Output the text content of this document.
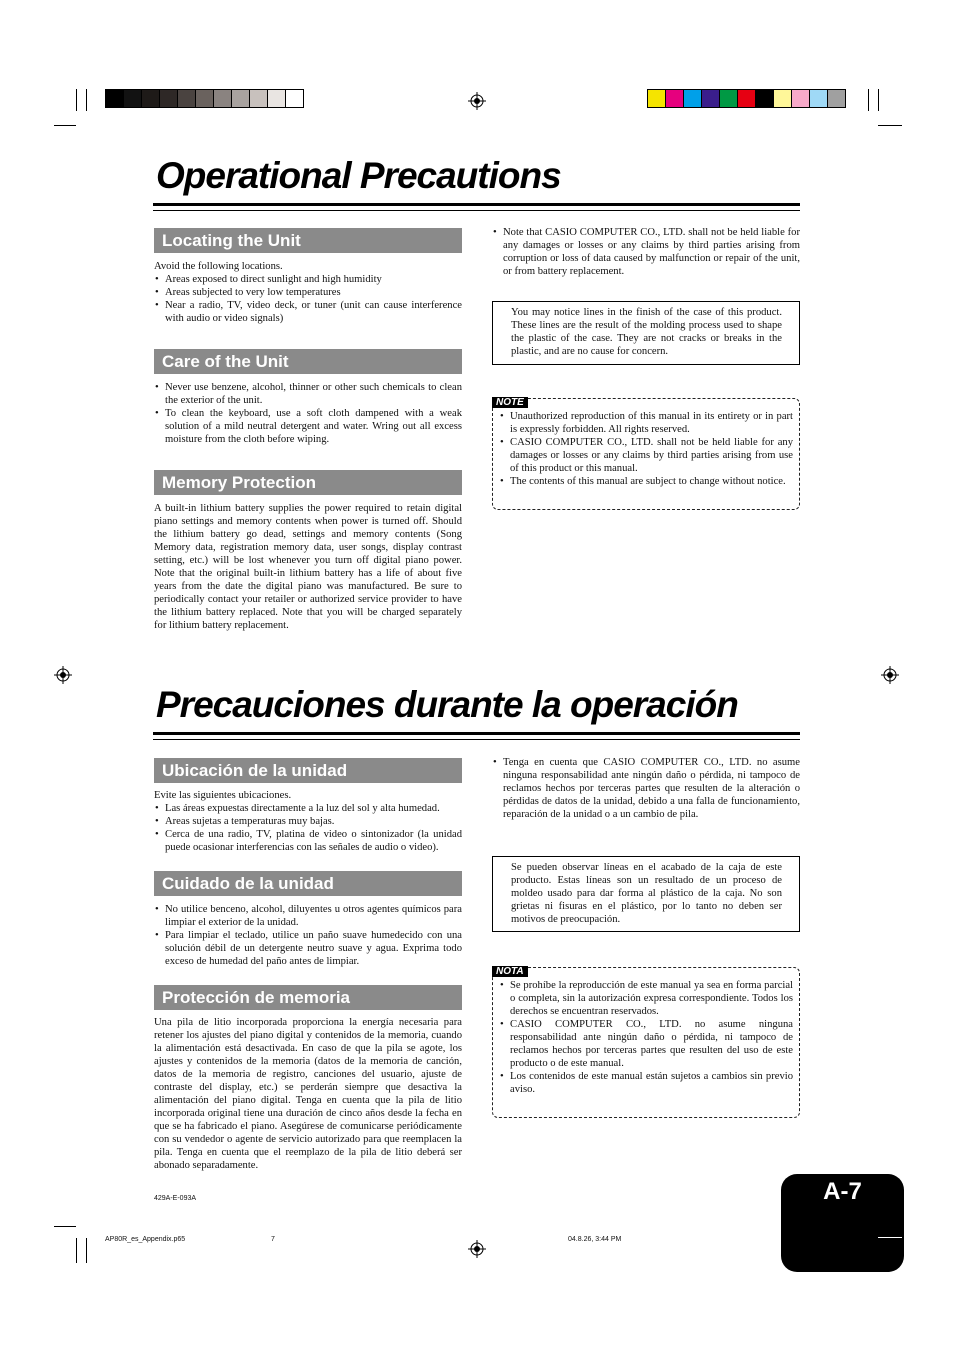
Operational Precautions
Locating the Unit

Avoid the following locations.

• Areas exposed to direct sunlight and high humidity
• Areas subjected to very low temperatures
• Near a radio, TV, video deck, or tuner (unit can cause interference with audio or video signals)
Care of the Unit
• Never use benzene, alcohol, thinner or other such chemicals to clean the exterior of the unit.
• To clean the keyboard, use a soft cloth dampened with a weak solution of a mild neutral detergent and water. Wring out all excess moisture from the cloth before wiping.
Memory Protection

A built-in lithium battery supplies the power required to retain digital piano settings and memory contents when power is turned off. Should the lithium battery go dead, settings and memory contents (Song Memory data, registration memory data, user songs, display contrast setting, etc.) will be lost whenever you turn off digital piano power. Note that the original built-in lithium battery has a life of about five years from the date the digital piano was manufactured. Be sure to periodically contact your retailer or authorized service provider to have the lithium battery replaced. Note that you will be charged separately for lithium battery replacement.

• Note that CASIO COMPUTER CO., LTD. shall not be held liable for any damages or losses or any claims by third parties arising from corruption or loss of data caused by malfunction or repair of the unit, or from battery replacement.
You may notice lines in the finish of the case of this product. These lines are the result of the molding process used to shape the plastic of the case. They are not cracks or breaks in the plastic, and are no cause for concern.
NOTE
• Unauthorized reproduction of this manual in its entirety or in part is expressly forbidden. All rights reserved.
• CASIO COMPUTER CO., LTD. shall not be held liable for any damages or losses or any claims by third parties arising from use of this product or this manual.
• The contents of this manual are subject to change without notice.
Precauciones durante la operación
Ubicación de la unidad

Evite las siguientes ubicaciones.

• Las áreas expuestas directamente a la luz del sol y alta humedad.
• Areas sujetas a temperaturas muy bajas.
• Cerca de una radio, TV, platina de video o sintonizador (la unidad puede ocasionar interferencias con las señales de audio o video).
Cuidado de la unidad
• No utilice benceno, alcohol, diluyentes u otros agentes químicos para limpiar el exterior de la unidad.
• Para limpiar el teclado, utilice un paño suave humedecido con una solución débil de un detergente neutro suave y agua. Exprima todo exceso de humedad del paño antes de limpiar.
Protección de memoria

Una pila de litio incorporada proporciona la energía necesaria para retener los ajustes del piano digital y contenidos de la memoria, cuando la alimentación está desactivada. En caso de que la pila se agote, los ajustes y contenidos de la memoria (datos de la memoria de canción, datos de la memoria de registro, canciones del usuario, ajuste de contraste del display, etc.) se perderán siempre que desactiva la alimentación del piano digital. Tenga en cuenta que la pila de litio incorporada original tiene una duración de cinco años desde la fecha en que se ha fabricado el piano. Asegúrese de comunicarse periódicamente con su vendedor o agente de servicio autorizado para que reemplacen la pila. Tenga en cuenta que el reemplazo de la pila de litio deberá ser abonado separadamente.

• Tenga en cuenta que CASIO COMPUTER CO., LTD. no asume ninguna responsabilidad ante ningún daño o pérdida, ni tampoco de reclamos hechos por terceras partes que resulten de la alteración o pérdidas de datos de la unidad, debido a una falla de funcionamiento, reparación de la unidad o a un cambio de pila.
Se pueden observar líneas en el acabado de la caja de este producto. Estas líneas son un resultado de un proceso de moldeo usado para dar forma al plástico de la caja. No son grietas ni fisuras en el plástico, por lo tanto no deben ser motivos de preocupación.
NOTA
• Se prohíbe la reproducción de este manual ya sea en forma parcial o completa, sin la autorización expresa correspondiente. Todos los derechos se encuentran reservados.
• CASIO COMPUTER CO., LTD. no asume ninguna responsabilidad ante ningún daño o pérdida, ni tampoco de reclamos hechos por terceras partes que resulten del uso de este producto o de este manual.
• Los contenidos de este manual están sujetos a cambios sin previo aviso.
429A-E-093A
AP80R_es_Appendix.p65	7	04.8.26, 3:44 PM
A-7
